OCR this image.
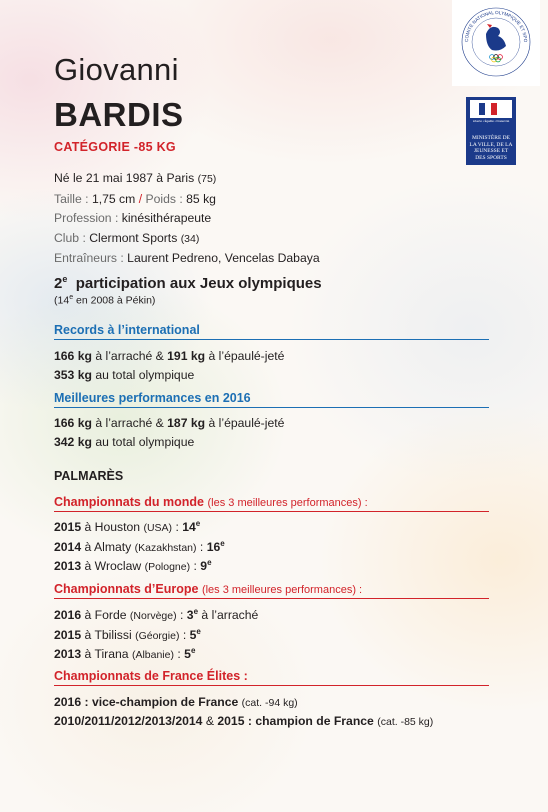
COMITÉ NATIONAL OLYMPIQUE ET SPO
Liberté • Égalité • Fraternité
MINISTÈRE DE LA VILLE, DE LA JEUNESSE ET DES SPORTS
Giovanni
BARDIS
CATÉGORIE -85 KG
Né le 21 mai 1987 à Paris (75)
Taille : 1,75 cm / Poids : 85 kg
Profession : kinésithérapeute
Club : Clermont Sports (34)
Entraîneurs : Laurent Pedreno, Vencelas Dabaya
2e participation aux Jeux olympiques
(14e en 2008 à Pékin)
Records à l’international
166 kg à l’arraché & 191 kg à l’épaulé-jeté
353 kg au total olympique
Meilleures performances en 2016
166 kg à l’arraché & 187 kg à l’épaulé-jeté
342 kg au total olympique
PALMARÈS
Championnats du monde (les 3 meilleures performances) :
2015 à Houston (USA) : 14e
2014 à Almaty (Kazakhstan) : 16e
2013 à Wroclaw (Pologne) : 9e
Championnats d’Europe (les 3 meilleures performances) :
2016 à Forde (Norvège) : 3e à l’arraché
2015 à Tbilissi (Géorgie) : 5e
2013 à Tirana (Albanie) : 5e
Championnats de France Élites :
2016 : vice-champion de France (cat. -94 kg)
2010/2011/2012/2013/2014 & 2015 : champion de France (cat. -85 kg)
